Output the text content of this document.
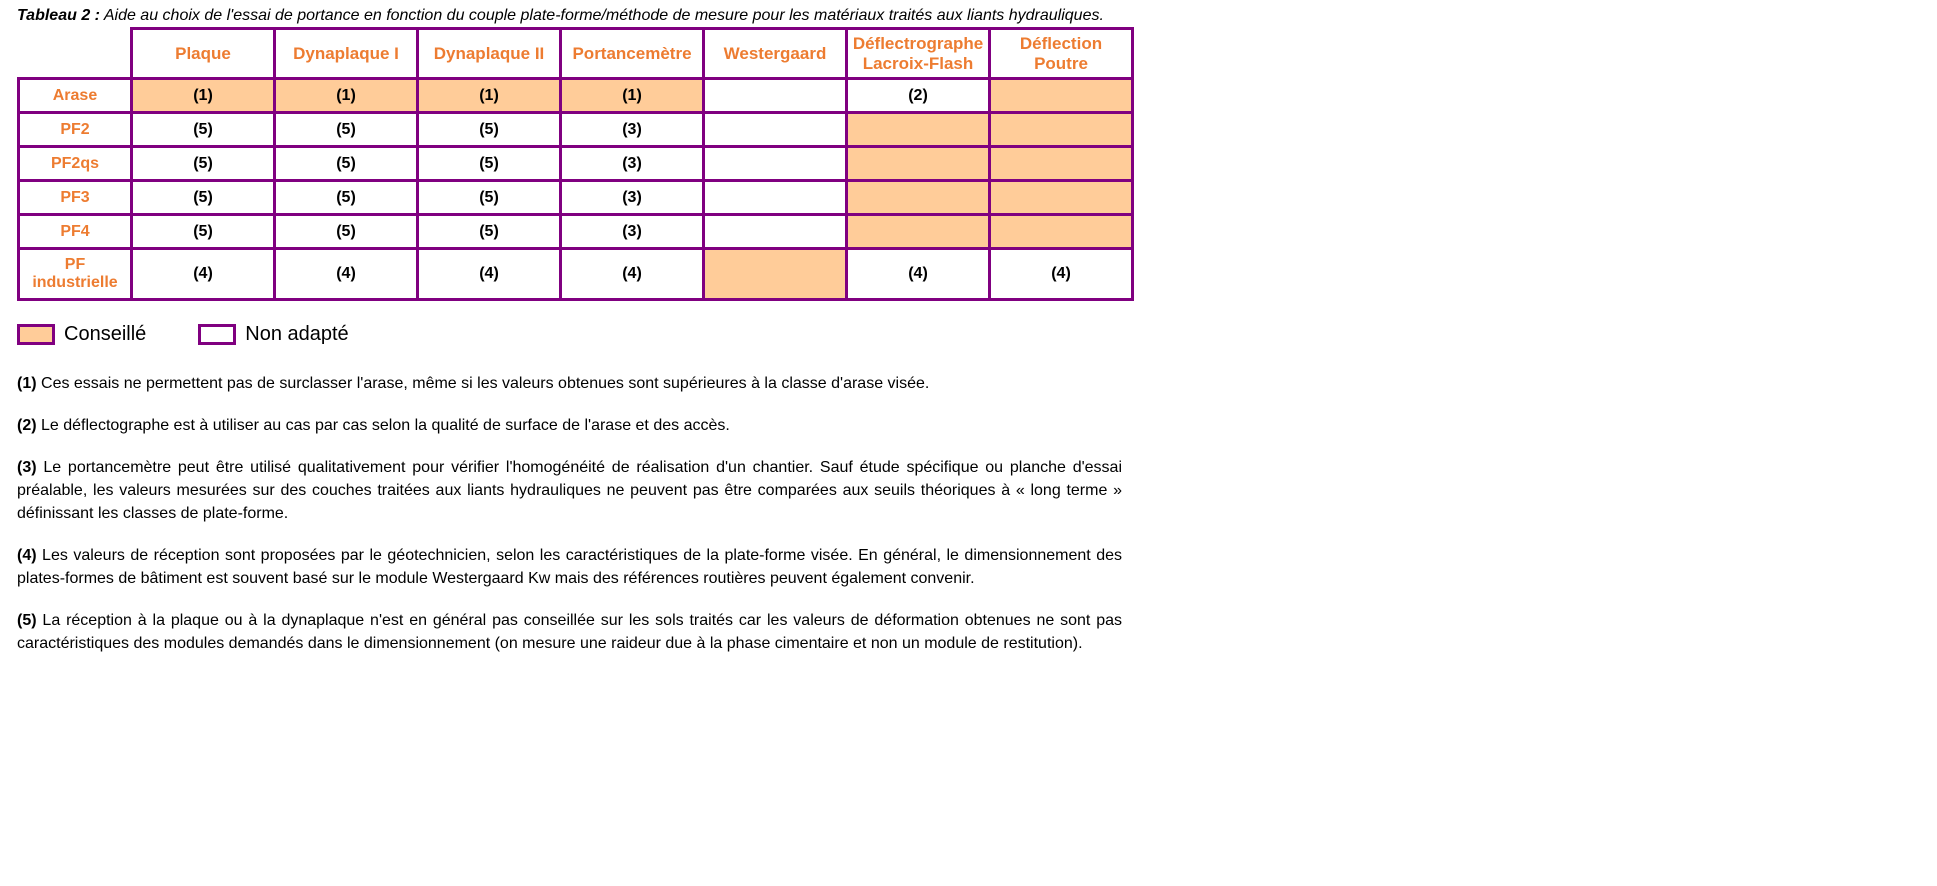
Tableau 2 : Aide au choix de l'essai de portance en fonction du couple plate-forme/méthode de mesure pour les matériaux traités aux liants hydrauliques.

	Plaque	Dynaplaque I	Dynaplaque II	Portancemètre	Westergaard	Déflectrographe Lacroix-Flash	Déflection Poutre
Arase	(1)	(1)	(1)	(1)		(2)	
PF2	(5)	(5)	(5)	(3)			
PF2qs	(5)	(5)	(5)	(3)			
PF3	(5)	(5)	(5)	(3)			
PF4	(5)	(5)	(5)	(3)			
PF industrielle	(4)	(4)	(4)	(4)		(4)	(4)
Conseillé	Non adapté

(1) Ces essais ne permettent pas de surclasser l'arase, même si les valeurs obtenues sont supérieures à la classe d'arase visée.

(2) Le déflectographe est à utiliser au cas par cas selon la qualité de surface de l'arase et des accès.

(3) Le portancemètre peut être utilisé qualitativement pour vérifier l'homogénéité de réalisation d'un chantier. Sauf étude spécifique ou planche d'essai préalable, les valeurs mesurées sur des couches traitées aux liants hydrauliques ne peuvent pas être comparées aux seuils théoriques à « long terme » définissant les classes de plate-forme.

(4) Les valeurs de réception sont proposées par le géotechnicien, selon les caractéristiques de la plate-forme visée. En général, le dimensionnement des plates-formes de bâtiment est souvent basé sur le module Westergaard Kw mais des références routières peuvent également convenir.

(5) La réception à la plaque ou à la dynaplaque n'est en général pas conseillée sur les sols traités car les valeurs de déformation obtenues ne sont pas caractéristiques des modules demandés dans le dimensionnement (on mesure une raideur due à la phase cimentaire et non un module de restitution).
